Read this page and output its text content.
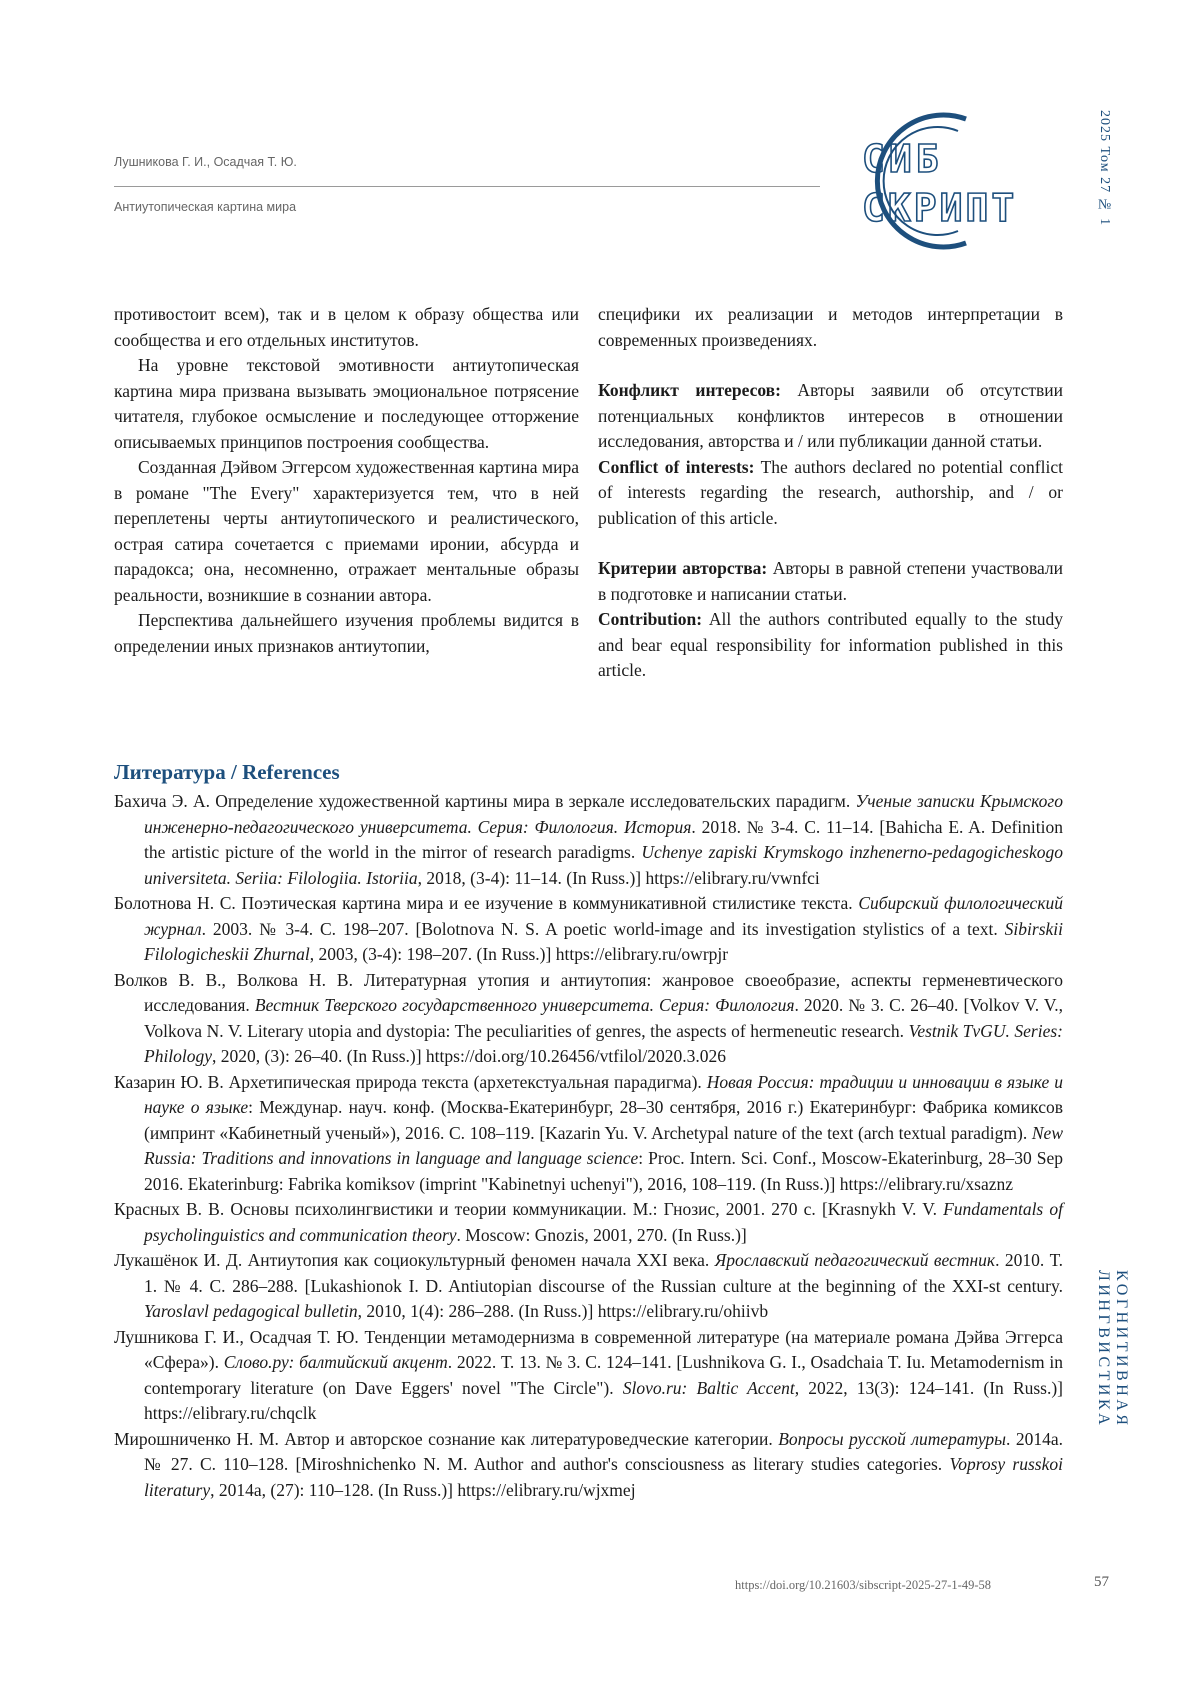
Лушникова Г. И., Осадчая Т. Ю.
Антиутопическая картина мира
СИБ
СКРИПТ	2025 Том 27 № 1

противостоит всем), так и в целом к образу общества или сообщества и его отдельных институтов.

На уровне текстовой эмотивности антиутопическая картина мира призвана вызывать эмоциональное потрясение читателя, глубокое осмысление и последующее отторжение описываемых принципов построения сообщества.

Созданная Дэйвом Эггерсом художественная картина мира в романе "The Every" характеризуется тем, что в ней переплетены черты антиутопического и реалистического, острая сатира сочетается с приемами иронии, абсурда и парадокса; она, несомненно, отражает ментальные образы реальности, возникшие в сознании автора.

Перспектива дальнейшего изучения проблемы видится в определении иных признаков антиутопии,

специфики их реализации и методов интерпретации в современных произведениях.

Конфликт интересов: Авторы заявили об отсутствии потенциальных конфликтов интересов в отношении исследования, авторства и / или публикации данной статьи.

Conflict of interests: The authors declared no potential conflict of interests regarding the research, authorship, and / or publication of this article.

Критерии авторства: Авторы в равной степени участвовали в подготовке и написании статьи.

Contribution: All the authors contributed equally to the study and bear equal responsibility for information published in this article.

Литература / References
Бахича Э. А. Определение художественной картины мира в зеркале исследовательских парадигм. Ученые записки Крымского инженерно-педагогического университета. Серия: Филология. История. 2018. № 3-4. С. 11–14. [Bahicha E. A. Definition the artistic picture of the world in the mirror of research paradigms. Uchenye zapiski Krymskogo inzhenerno-pedagogicheskogo universiteta. Seriia: Filologiia. Istoriia, 2018, (3-4): 11–14. (In Russ.)] https://elibrary.ru/vwnfci
Болотнова Н. С. Поэтическая картина мира и ее изучение в коммуникативной стилистике текста. Сибирский филологический журнал. 2003. № 3-4. С. 198–207. [Bolotnova N. S. A poetic world-image and its investigation stylistics of a text. Sibirskii Filologicheskii Zhurnal, 2003, (3-4): 198–207. (In Russ.)] https://elibrary.ru/owrpjr
Волков В. В., Волкова Н. В. Литературная утопия и антиутопия: жанровое своеобразие, аспекты герменевтического исследования. Вестник Тверского государственного университета. Серия: Филология. 2020. № 3. С. 26–40. [Volkov V. V., Volkova N. V. Literary utopia and dystopia: The peculiarities of genres, the aspects of hermeneutic research. Vestnik TvGU. Series: Philology, 2020, (3): 26–40. (In Russ.)] https://doi.org/10.26456/vtfilol/2020.3.026
Казарин Ю. В. Архетипическая природа текста (архетекстуальная парадигма). Новая Россия: традиции и инновации в языке и науке о языке: Междунар. науч. конф. (Москва-Екатеринбург, 28–30 сентября, 2016 г.) Екатеринбург: Фабрика комиксов (импринт «Кабинетный ученый»), 2016. С. 108–119. [Kazarin Yu. V. Archetypal nature of the text (arch textual paradigm). New Russia: Traditions and innovations in language and language science: Proc. Intern. Sci. Conf., Moscow-Ekaterinburg, 28–30 Sep 2016. Ekaterinburg: Fabrika komiksov (imprint "Kabinetnyi uchenyi"), 2016, 108–119. (In Russ.)] https://elibrary.ru/xsaznz
Красных В. В. Основы психолингвистики и теории коммуникации. М.: Гнозис, 2001. 270 с. [Krasnykh V. V. Fundamentals of psycholinguistics and communication theory. Moscow: Gnozis, 2001, 270. (In Russ.)]
Лукашёнок И. Д. Антиутопия как социокультурный феномен начала XXI века. Ярославский педагогический вестник. 2010. Т. 1. № 4. С. 286–288. [Lukashionok I. D. Antiutopian discourse of the Russian culture at the beginning of the XXI-st century. Yaroslavl pedagogical bulletin, 2010, 1(4): 286–288. (In Russ.)] https://elibrary.ru/ohiivb
Лушникова Г. И., Осадчая Т. Ю. Тенденции метамодернизма в современной литературе (на материале романа Дэйва Эггерса «Сфера»). Слово.ру: балтийский акцент. 2022. Т. 13. № 3. С. 124–141. [Lushnikova G. I., Osadchaia T. Iu. Metamodernism in contemporary literature (on Dave Eggers' novel "The Circle"). Slovo.ru: Baltic Accent, 2022, 13(3): 124–141. (In Russ.)] https://elibrary.ru/chqclk
Мирошниченко Н. М. Автор и авторское сознание как литературоведческие категории. Вопросы русской литературы. 2014a. № 27. С. 110–128. [Miroshnichenko N. M. Author and author's consciousness as literary studies categories. Voprosy russkoi literatury, 2014a, (27): 110–128. (In Russ.)] https://elibrary.ru/wjxmej
КОГНИТИВНАЯ ЛИНГВИСТИКА
https://doi.org/10.21603/sibscript-2025-27-1-49-58	57
